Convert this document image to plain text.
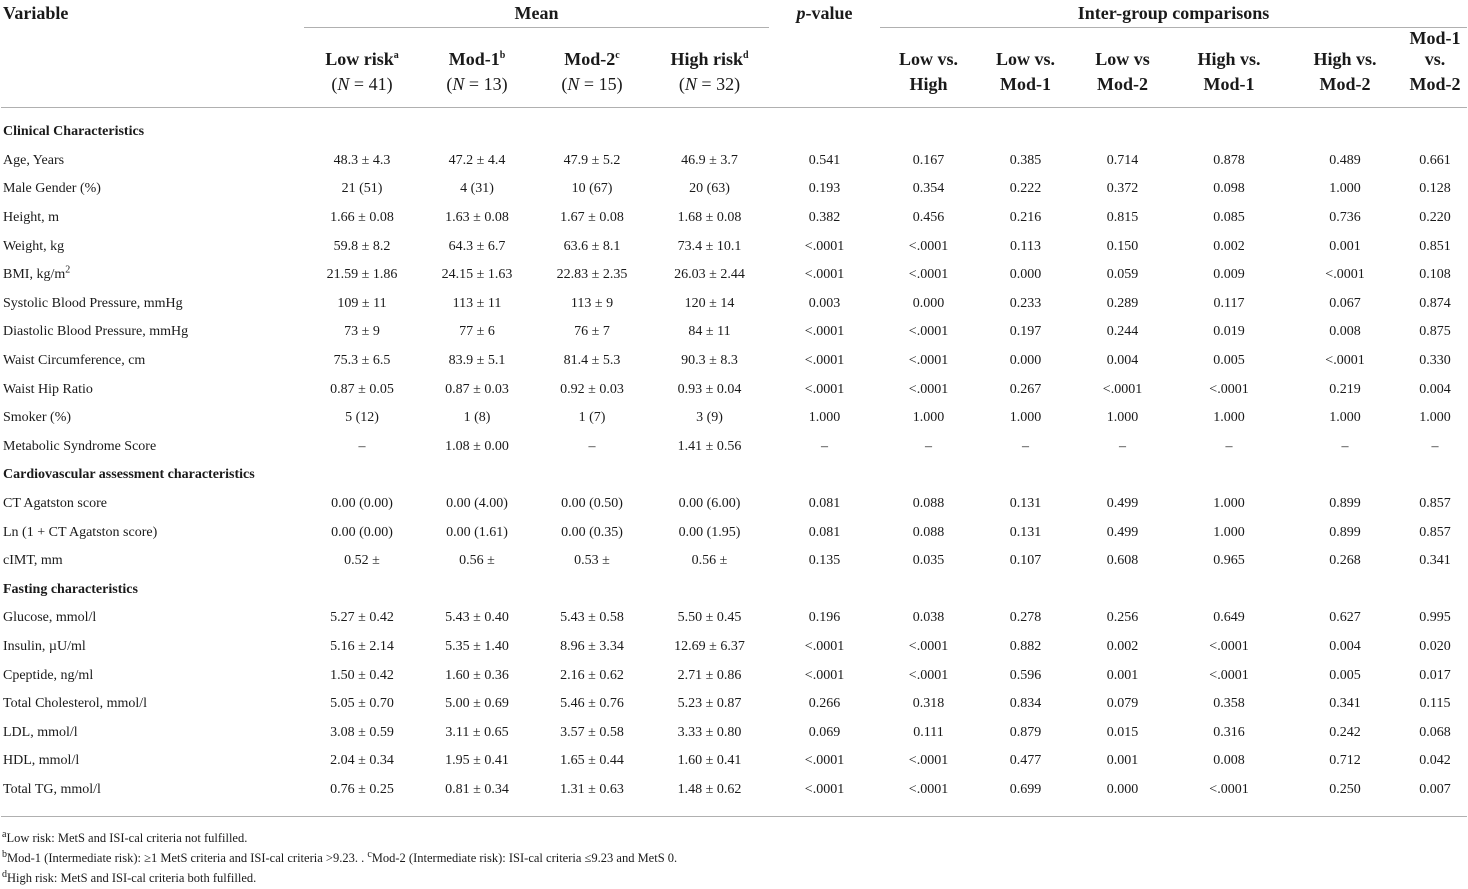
Variable	Mean				p-value	Inter-group comparisons					
	Low risk$^a$	Mod-1$^b$	Mod-2$^c$	High risk$^d$		Low vs.	Low vs.	Low vs	High vs.	High vs.	Mod-1 vs.
	(N = 41)	(N = 13)	(N = 15)	(N = 32)		High	Mod-1	Mod-2	Mod-1	Mod-2	Mod-2

Clinical Characteristics											
Age, Years	48.3 ± 4.3	47.2 ± 4.4	47.9 ± 5.2	46.9 ± 3.7	0.541	0.167	0.385	0.714	0.878	0.489	0.661
Male Gender (%)	21 (51)	4 (31)	10 (67)	20 (63)	0.193	0.354	0.222	0.372	0.098	1.000	0.128
Height, m	1.66 ± 0.08	1.63 ± 0.08	1.67 ± 0.08	1.68 ± 0.08	0.382	0.456	0.216	0.815	0.085	0.736	0.220
Weight, kg	59.8 ± 8.2	64.3 ± 6.7	63.6 ± 8.1	73.4 ± 10.1	<.0001	<.0001	0.113	0.150	0.002	0.001	0.851
BMI, $kg/m^2$	21.59 ± 1.86	24.15 ± 1.63	22.83 ± 2.35	26.03 ± 2.44	<.0001	<.0001	0.000	0.059	0.009	<.0001	0.108
Systolic Blood Pressure, mmHg	109 ± 11	113 ± 11	113 ± 9	120 ± 14	0.003	0.000	0.233	0.289	0.117	0.067	0.874
Diastolic Blood Pressure, mmHg	73 ± 9	77 ± 6	76 ± 7	84 ± 11	<.0001	<.0001	0.197	0.244	0.019	0.008	0.875
Waist Circumference, cm	75.3 ± 6.5	83.9 ± 5.1	81.4 ± 5.3	90.3 ± 8.3	<.0001	<.0001	0.000	0.004	0.005	<.0001	0.330
Waist Hip Ratio	0.87 ± 0.05	0.87 ± 0.03	0.92 ± 0.03	0.93 ± 0.04	<.0001	<.0001	0.267	<.0001	<.0001	0.219	0.004
Smoker (%)	5 (12)	1 (8)	1 (7)	3 (9)	1.000	1.000	1.000	1.000	1.000	1.000	1.000
Metabolic Syndrome Score	–	1.08 ± 0.00	–	1.41 ± 0.56	–	–	–	–	–	–	–
Cardiovascular assessment characteristics											
CT Agatston score	0.00 (0.00)	0.00 (4.00)	0.00 (0.50)	0.00 (6.00)	0.081	0.088	0.131	0.499	1.000	0.899	0.857
Ln (1 + CT Agatston score)	0.00 (0.00)	0.00 (1.61)	0.00 (0.35)	0.00 (1.95)	0.081	0.088	0.131	0.499	1.000	0.899	0.857
cIMT, mm	0.52 ±	0.56 ±	0.53 ±	0.56 ±	0.135	0.035	0.107	0.608	0.965	0.268	0.341
Fasting characteristics											
Glucose, mmol/l	5.27 ± 0.42	5.43 ± 0.40	5.43 ± 0.58	5.50 ± 0.45	0.196	0.038	0.278	0.256	0.649	0.627	0.995
Insulin, µU/ml	5.16 ± 2.14	5.35 ± 1.40	8.96 ± 3.34	12.69 ± 6.37	<.0001	<.0001	0.882	0.002	<.0001	0.004	0.020
Cpeptide, ng/ml	1.50 ± 0.42	1.60 ± 0.36	2.16 ± 0.62	2.71 ± 0.86	<.0001	<.0001	0.596	0.001	<.0001	0.005	0.017
Total Cholesterol, mmol/l	5.05 ± 0.70	5.00 ± 0.69	5.46 ± 0.76	5.23 ± 0.87	0.266	0.318	0.834	0.079	0.358	0.341	0.115
LDL, mmol/l	3.08 ± 0.59	3.11 ± 0.65	3.57 ± 0.58	3.33 ± 0.80	0.069	0.111	0.879	0.015	0.316	0.242	0.068
HDL, mmol/l	2.04 ± 0.34	1.95 ± 0.41	1.65 ± 0.44	1.60 ± 0.41	<.0001	<.0001	0.477	0.001	0.008	0.712	0.042
Total TG, mmol/l	0.76 ± 0.25	0.81 ± 0.34	1.31 ± 0.63	1.48 ± 0.62	<.0001	<.0001	0.699	0.000	<.0001	0.250	0.007

$^a$Low risk: MetS and ISI-cal criteria not fulfilled.
$^b$Mod-1 (Intermediate risk): ≥1 MetS criteria and ISI-cal criteria >9.23. . $^c$Mod-2 (Intermediate risk): ISI-cal criteria ≤9.23 and MetS 0.
$^d$High risk: MetS and ISI-cal criteria both fulfilled.
